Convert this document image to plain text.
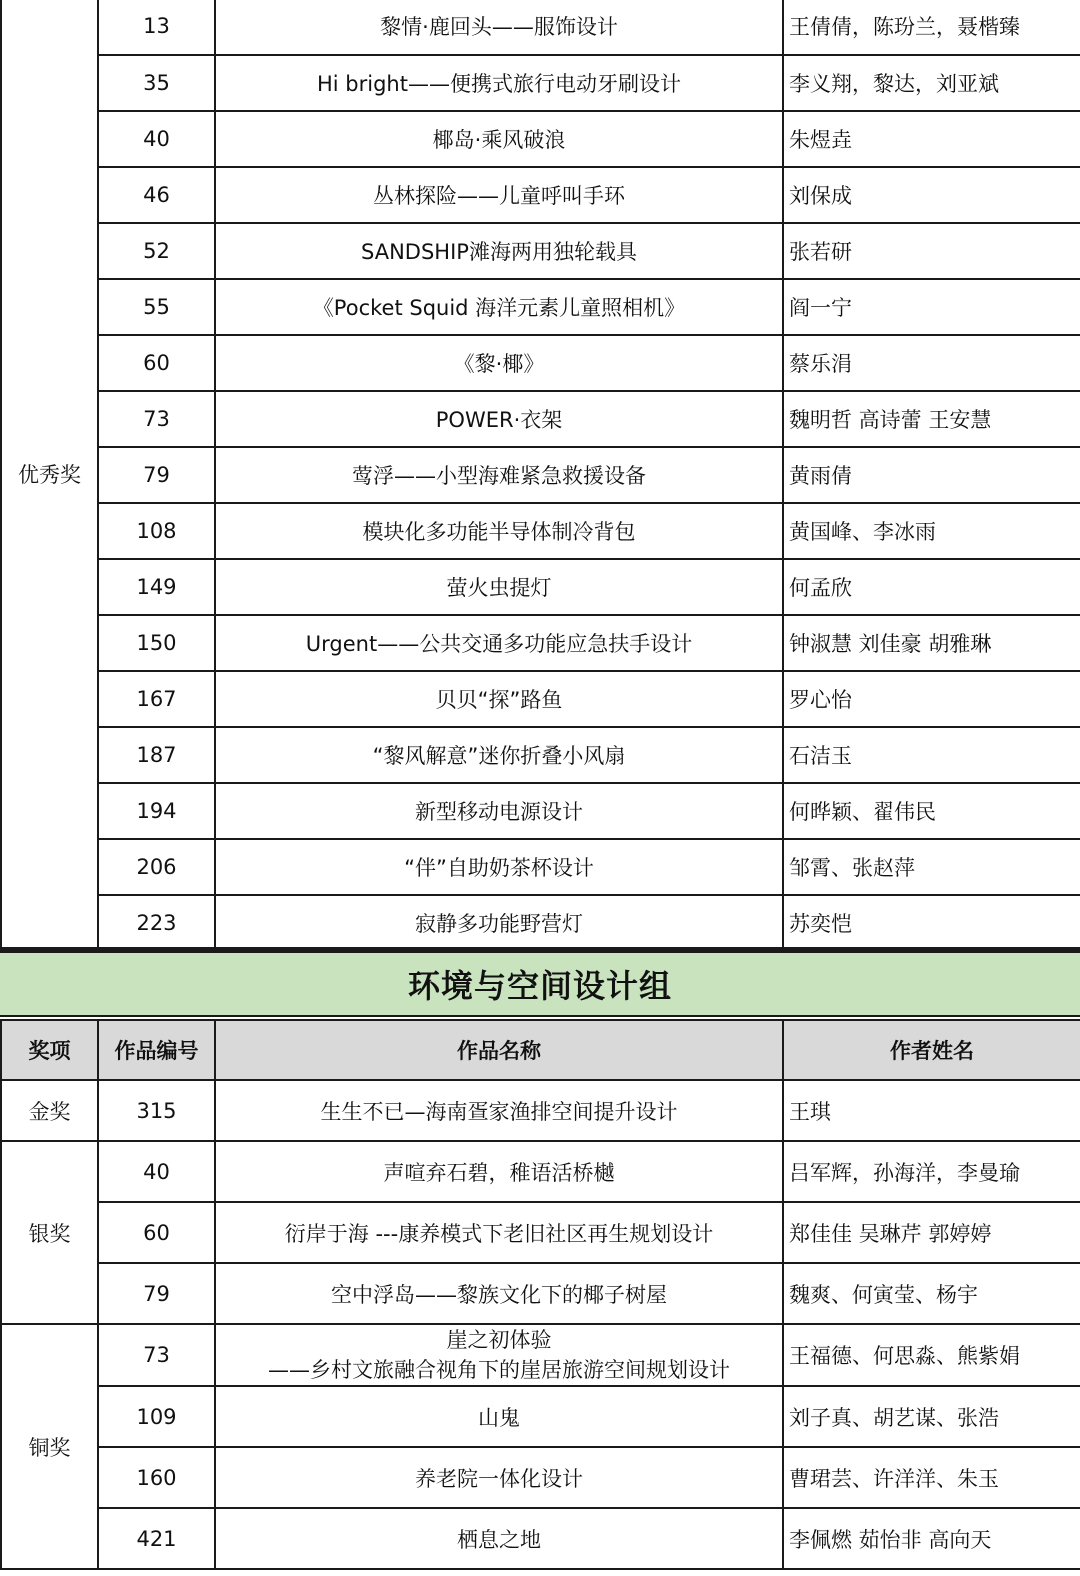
优秀奖	13	黎情·鹿回头——服饰设计	王倩倩，陈玢兰，聂楷臻
	35	Hi bright——便携式旅行电动牙刷设计	李义翔，黎达，刘亚斌
	40	椰岛·乘风破浪	朱煜垚
	46	丛林探险——儿童呼叫手环	刘保成
	52	SANDSHIP滩海两用独轮载具	张若研
	55	《Pocket Squid 海洋元素儿童照相机》	阎一宁
	60	《黎·椰》	蔡乐涓
	73	POWER·衣架	魏明哲 高诗蕾 王安慧
	79	莺浮——小型海难紧急救援设备	黄雨倩
	108	模块化多功能半导体制冷背包	黄国峰、李冰雨
	149	萤火虫提灯	何孟欣
	150	Urgent——公共交通多功能应急扶手设计	钟淑慧 刘佳豪 胡雅琳
	167	贝贝“探”路鱼	罗心怡
	187	“黎风解意”迷你折叠小风扇	石洁玉
	194	新型移动电源设计	何晔颖、翟伟民
	206	“伴”自助奶茶杯设计	邹霄、张赵萍
	223	寂静多功能野营灯	苏奕恺
环境与空间设计组
奖项	作品编号	作品名称	作者姓名
金奖	315	生生不已—海南疍家渔排空间提升设计	王琪
银奖	40	声喧弃石碧，稚语活桥樾	吕军辉，孙海洋，李曼瑜
	60	衍岸于海 ---康养模式下老旧社区再生规划设计	郑佳佳 吴琳芹 郭婷婷
	79	空中浮岛——黎族文化下的椰子树屋	魏爽、何寅莹、杨宇
铜奖	73	崖之初体验
——乡村文旅融合视角下的崖居旅游空间规划设计	王福德、何思淼、熊紫娟
	109	山鬼	刘子真、胡艺谋、张浩
	160	养老院一体化设计	曹珺芸、许洋洋、朱玉
	421	栖息之地	李佩燃 茹怡非 高向天
